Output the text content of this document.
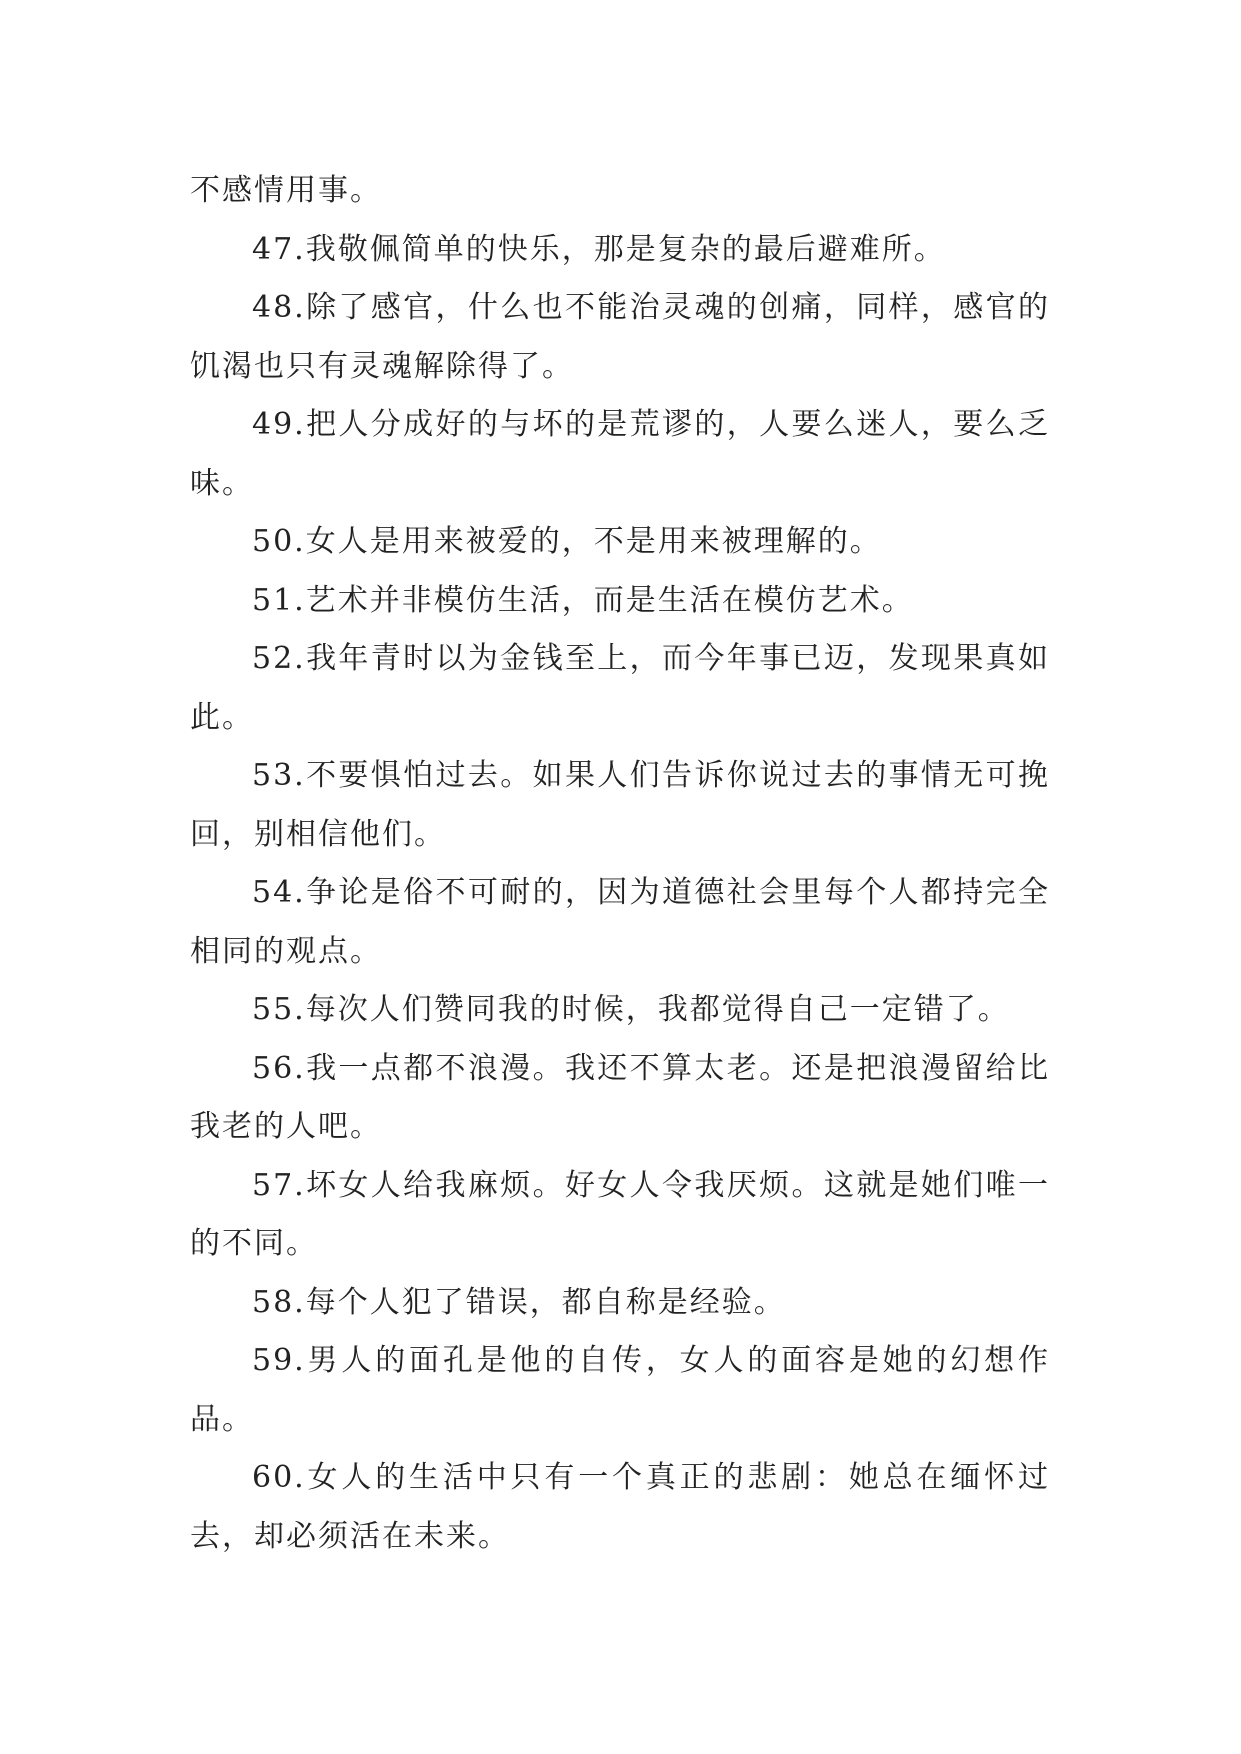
不感情用事。

47.我敬佩简单的快乐，那是复杂的最后避难所。

48.除了感官，什么也不能治灵魂的创痛，同样，感官的饥渴也只有灵魂解除得了。

49.把人分成好的与坏的是荒谬的，人要么迷人，要么乏味。

50.女人是用来被爱的，不是用来被理解的。

51.艺术并非模仿生活，而是生活在模仿艺术。

52.我年青时以为金钱至上，而今年事已迈，发现果真如此。

53.不要惧怕过去。如果人们告诉你说过去的事情无可挽回，别相信他们。

54.争论是俗不可耐的，因为道德社会里每个人都持完全相同的观点。

55.每次人们赞同我的时候，我都觉得自己一定错了。

56.我一点都不浪漫。我还不算太老。还是把浪漫留给比我老的人吧。

57.坏女人给我麻烦。好女人令我厌烦。这就是她们唯一的不同。

58.每个人犯了错误，都自称是经验。

59.男人的面孔是他的自传，女人的面容是她的幻想作品。

60.女人的生活中只有一个真正的悲剧：她总在缅怀过去，却必须活在未来。
